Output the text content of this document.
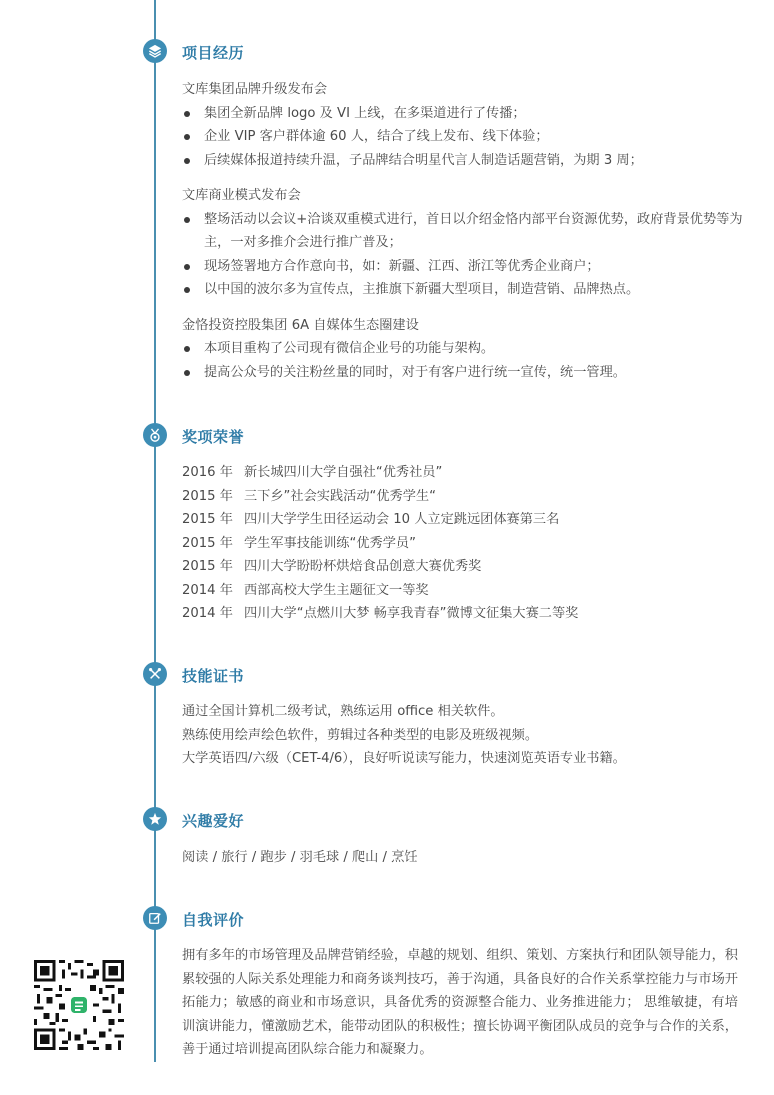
项目经历
文库集团品牌升级发布会
集团全新品牌 logo 及 VI 上线，在多渠道进行了传播；
企业 VIP 客户群体逾 60 人，结合了线上发布、线下体验；
后续媒体报道持续升温，子品牌结合明星代言人制造话题营销，为期 3 周；
文库商业模式发布会
整场活动以会议+洽谈双重模式进行，首日以介绍金恪内部平台资源优势，政府背景优势等为主，一对多推介会进行推广普及；
现场签署地方合作意向书，如：新疆、江西、浙江等优秀企业商户；
以中国的波尔多为宣传点，主推旗下新疆大型项目，制造营销、品牌热点。
金恪投资控股集团 6A 自媒体生态圈建设
本项目重构了公司现有微信企业号的功能与架构。
提高公众号的关注粉丝量的同时，对于有客户进行统一宣传，统一管理。
奖项荣誉
2016 年 新长城四川大学自强社“优秀社员”
2015 年 三下乡”社会实践活动“优秀学生“
2015 年 四川大学学生田径运动会 10 人立定跳远团体赛第三名
2015 年 学生军事技能训练“优秀学员”
2015 年 四川大学盼盼杯烘焙食品创意大赛优秀奖
2014 年 西部高校大学生主题征文一等奖
2014 年 四川大学“点燃川大梦 畅享我青春”微博文征集大赛二等奖
技能证书
通过全国计算机二级考试，熟练运用 office 相关软件。
熟练使用绘声绘色软件，剪辑过各种类型的电影及班级视频。
大学英语四/六级（CET-4/6），良好听说读写能力，快速浏览英语专业书籍。
兴趣爱好
阅读 / 旅行 / 跑步 / 羽毛球 / 爬山 / 烹饪
自我评价
拥有多年的市场管理及品牌营销经验，卓越的规划、组织、策划、方案执行和团队领导能力，积累较强的人际关系处理能力和商务谈判技巧，善于沟通，具备良好的合作关系掌控能力与市场开拓能力；敏感的商业和市场意识，具备优秀的资源整合能力、业务推进能力； 思维敏捷，有培训演讲能力，懂激励艺术，能带动团队的积极性；擅长协调平衡团队成员的竞争与合作的关系，善于通过培训提高团队综合能力和凝聚力。
